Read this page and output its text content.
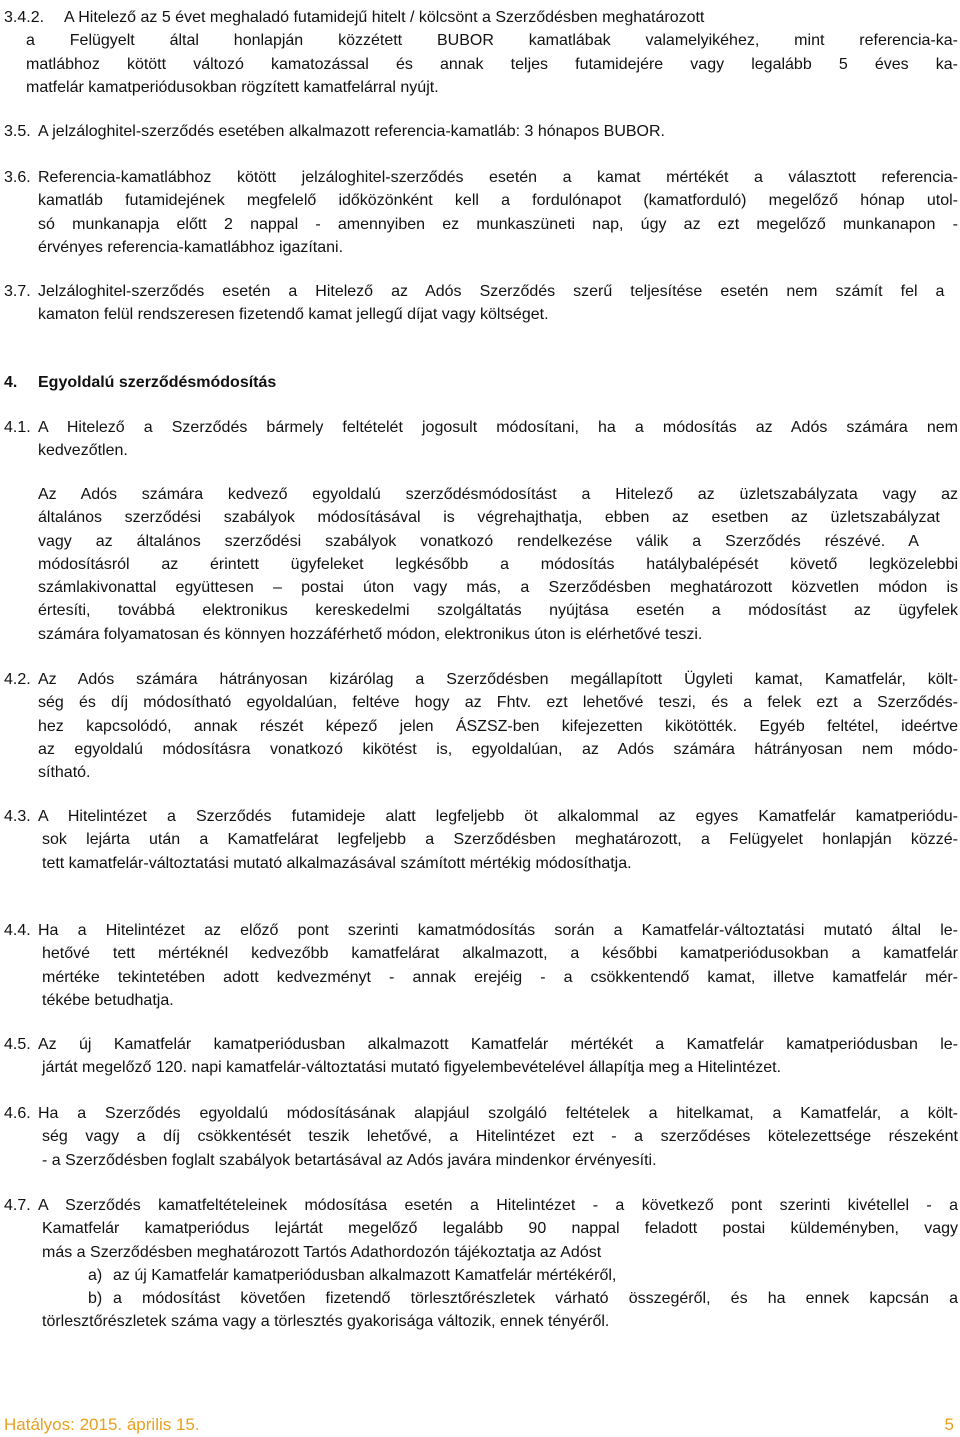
3.4.2. A Hitelező az 5 évet meghaladó futamidejű hitelt / kölcsönt a Szerződésben meghatározott
a Felügyelt által honlapján közzétett BUBOR kamatlábak valamelyikéhez, mint referencia-ka-
matlábhoz kötött változó kamatozással és annak teljes futamidejére vagy legalább 5 éves ka-
matfelár kamatperiódusokban rögzített kamatfelárral nyújt.
3.5. A jelzáloghitel-szerződés esetében alkalmazott referencia-kamatláb: 3 hónapos BUBOR.
3.6. Referencia-kamatlábhoz kötött jelzáloghitel-szerződés esetén a kamat mértékét a választott referencia-
kamatláb futamidejének megfelelő időközönként kell a fordulónapot (kamatforduló) megelőző hónap utol-
só munkanapja előtt 2 nappal - amennyiben ez munkaszüneti nap, úgy az ezt megelőző munkanapon -
érvényes referencia-kamatlábhoz igazítani.
3.7. Jelzáloghitel-szerződés esetén a Hitelező az Adós Szerződés szerű teljesítése esetén nem számít fel a
kamaton felül rendszeresen fizetendő kamat jellegű díjat vagy költséget.
4. Egyoldalú szerződésmódosítás
4.1. A Hitelező a Szerződés bármely feltételét jogosult módosítani, ha a módosítás az Adós számára nem
kedvezőtlen.
Az Adós számára kedvező egyoldalú szerződésmódosítást a Hitelező az üzletszabályzata vagy az
általános szerződési szabályok módosításával is végrehajthatja, ebben az esetben az üzletszabályzat
vagy az általános szerződési szabályok vonatkozó rendelkezése válik a Szerződés részévé. A
módosításról az érintett ügyfeleket legkésőbb a módosítás hatálybalépését követő legközelebbi
számlakivonattal együttesen – postai úton vagy más, a Szerződésben meghatározott közvetlen módon is
értesíti, továbbá elektronikus kereskedelmi szolgáltatás nyújtása esetén a módosítást az ügyfelek
számára folyamatosan és könnyen hozzáférhető módon, elektronikus úton is elérhetővé teszi.
4.2. Az Adós számára hátrányosan kizárólag a Szerződésben megállapított Ügyleti kamat, Kamatfelár, költ-
ség és díj módosítható egyoldalúan, feltéve hogy az Fhtv. ezt lehetővé teszi, és a felek ezt a Szerződés-
hez kapcsolódó, annak részét képező jelen ÁSZSZ-ben kifejezetten kikötötték. Egyéb feltétel, ideértve
az egyoldalú módosításra vonatkozó kikötést is, egyoldalúan, az Adós számára hátrányosan nem módo-
sítható.
4.3. A Hitelintézet a Szerződés futamideje alatt legfeljebb öt alkalommal az egyes Kamatfelár kamatperiódu-
sok lejárta után a Kamatfelárat legfeljebb a Szerződésben meghatározott, a Felügyelet honlapján közzé-
tett kamatfelár-változtatási mutató alkalmazásával számított mértékig módosíthatja.
4.4. Ha a Hitelintézet az előző pont szerinti kamatmódosítás során a Kamatfelár-változtatási mutató által le-
hetővé tett mértéknél kedvezőbb kamatfelárat alkalmazott, a későbbi kamatperiódusokban a kamatfelár
mértéke tekintetében adott kedvezményt - annak erejéig - a csökkentendő kamat, illetve kamatfelár mér-
tékébe betudhatja.
4.5. Az új Kamatfelár kamatperiódusban alkalmazott Kamatfelár mértékét a Kamatfelár kamatperiódusban le-
jártát megelőző 120. napi kamatfelár-változtatási mutató figyelembevételével állapítja meg a Hitelintézet.
4.6. Ha a Szerződés egyoldalú módosításának alapjául szolgáló feltételek a hitelkamat, a Kamatfelár, a költ-
ség vagy a díj csökkentését teszik lehetővé, a Hitelintézet ezt - a szerződéses kötelezettsége részeként
- a Szerződésben foglalt szabályok betartásával az Adós javára mindenkor érvényesíti.
4.7. A Szerződés kamatfeltételeinek módosítása esetén a Hitelintézet - a következő pont szerinti kivétellel - a
Kamatfelár kamatperiódus lejártát megelőző legalább 90 nappal feladott postai küldeményben, vagy
más a Szerződésben meghatározott Tartós Adathordozón tájékoztatja az Adóst
a) az új Kamatfelár kamatperiódusban alkalmazott Kamatfelár mértékéről,
b) a módosítást követően fizetendő törlesztőrészletek várható összegéről, és ha ennek kapcsán a
törlesztőrészletek száma vagy a törlesztés gyakorisága változik, ennek tényéről.
Hatályos: 2015. április 15.	5
